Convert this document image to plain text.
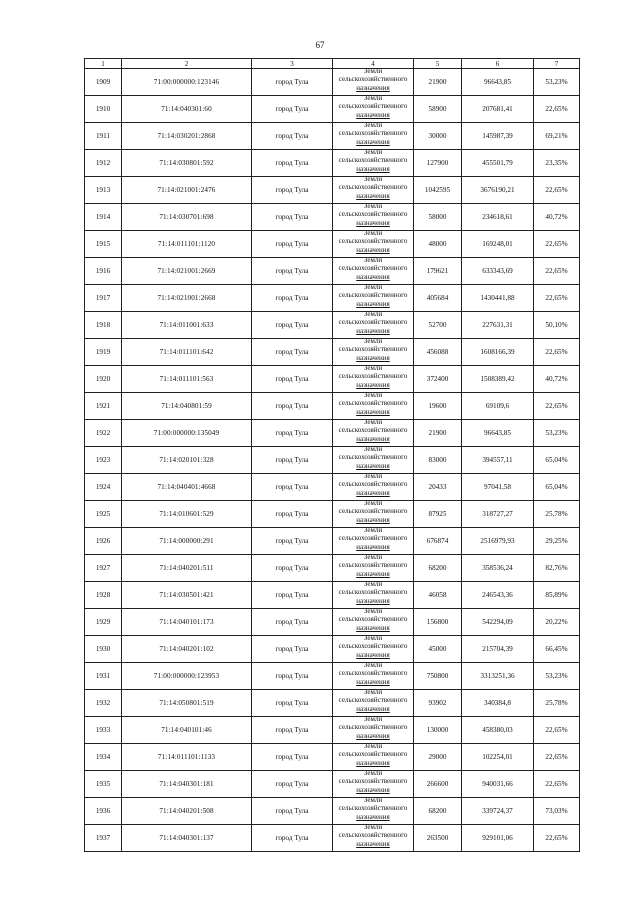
67
1	2	3	4	5	6	7
1909	71:00:000000:123146	город Тула	Земли
сельскохозяйственного
назначения	21900	96643,85	53,23%
1910	71:14:040301:60	город Тула	Земли
сельскохозяйственного
назначения	58900	207681,41	22,65%
1911	71:14:030201:2868	город Тула	Земли
сельскохозяйственного
назначения	30000	145987,39	69,21%
1912	71:14:030801:592	город Тула	Земли
сельскохозяйственного
назначения	127900	455501,79	23,35%
1913	71:14:021001:2476	город Тула	Земли
сельскохозяйственного
назначения	1042595	3676190,21	22,65%
1914	71:14:030701:698	город Тула	Земли
сельскохозяйственного
назначения	58000	234618,61	40,72%
1915	71:14:011101:1120	город Тула	Земли
сельскохозяйственного
назначения	48000	169248,01	22,65%
1916	71:14:021001:2669	город Тула	Земли
сельскохозяйственного
назначения	179621	633343,69	22,65%
1917	71:14:021001:2668	город Тула	Земли
сельскохозяйственного
назначения	405684	1430441,88	22,65%
1918	71:14:011001:633	город Тула	Земли
сельскохозяйственного
назначения	52700	227631,31	50,10%
1919	71:14:011101:642	город Тула	Земли
сельскохозяйственного
назначения	456088	1608166,39	22,65%
1920	71:14:011101:563	город Тула	Земли
сельскохозяйственного
назначения	372400	1508389,42	40,72%
1921	71:14:040801:59	город Тула	Земли
сельскохозяйственного
назначения	19600	69109,6	22,65%
1922	71:00:000000:135049	город Тула	Земли
сельскохозяйственного
назначения	21900	96643,85	53,23%
1923	71:14:020101:328	город Тула	Земли
сельскохозяйственного
назначения	83000	394557,11	65,04%
1924	71:14:040401:4668	город Тула	Земли
сельскохозяйственного
назначения	20433	97041,58	65,04%
1925	71:14:010601:529	город Тула	Земли
сельскохозяйственного
назначения	87925	318727,27	25,78%
1926	71:14:000000:291	город Тула	Земли
сельскохозяйственного
назначения	676874	2516979,93	29,25%
1927	71:14:040201:511	город Тула	Земли
сельскохозяйственного
назначения	68200	358536,24	82,76%
1928	71:14:030501:421	город Тула	Земли
сельскохозяйственного
назначения	46058	246543,36	85,89%
1929	71:14:040101:173	город Тула	Земли
сельскохозяйственного
назначения	156800	542294,09	20,22%
1930	71:14:040201:102	город Тула	Земли
сельскохозяйственного
назначения	45000	215704,39	66,45%
1931	71:00:000000:123953	город Тула	Земли
сельскохозяйственного
назначения	750800	3313251,36	53,23%
1932	71:14:050801:519	город Тула	Земли
сельскохозяйственного
назначения	93902	340384,8	25,78%
1933	71:14:040101:46	город Тула	Земли
сельскохозяйственного
назначения	130000	458380,03	22,65%
1934	71:14:011101:1133	город Тула	Земли
сельскохозяйственного
назначения	29000	102254,01	22,65%
1935	71:14:040301:181	город Тула	Земли
сельскохозяйственного
назначения	266600	940031,66	22,65%
1936	71:14:040201:508	город Тула	Земли
сельскохозяйственного
назначения	68200	339724,37	73,03%
1937	71:14:040301:137	город Тула	Земли
сельскохозяйственного
назначения	263500	929101,06	22,65%
